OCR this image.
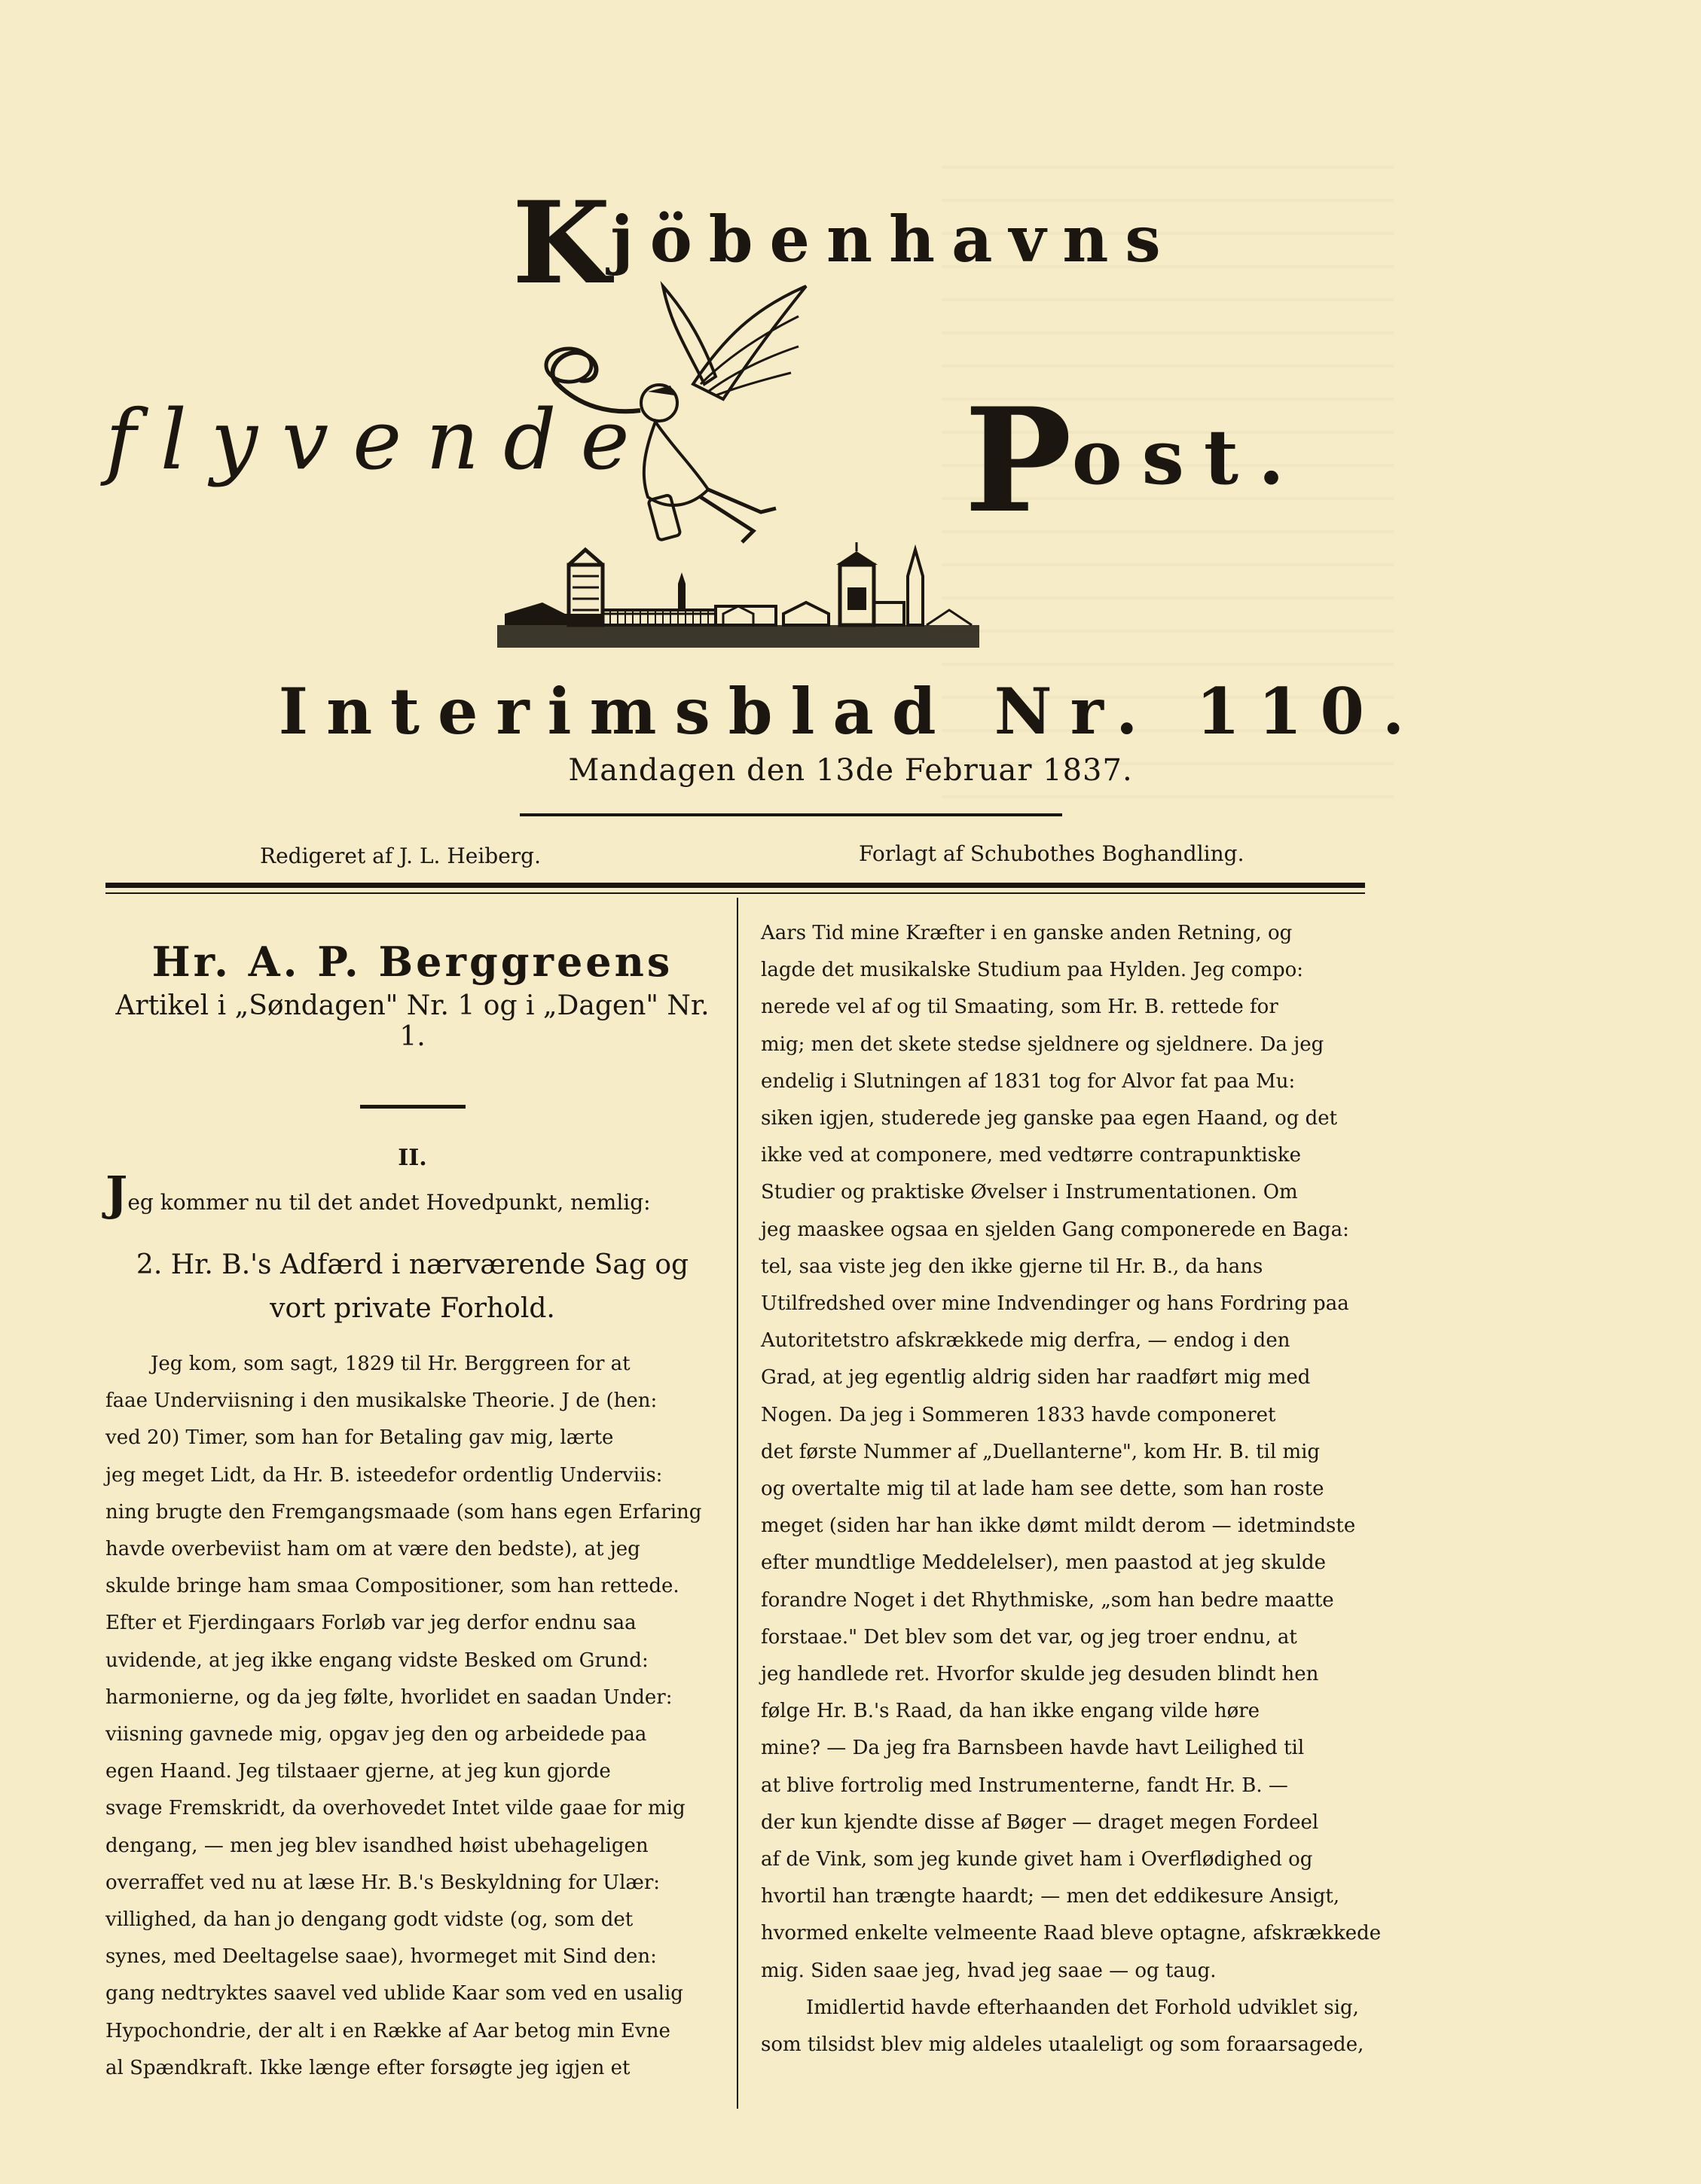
Kjöbenhavns
flyvende Post.
Interimsblad Nr. 110.
Mandagen den 13de Februar 1837.
Redigeret af J. L. Heiberg.	Forlagt af Schubothes Boghandling.
Hr. A. P. Berggreens

Artikel i „Søndagen" Nr. 1 og i „Dagen" Nr. 1.

II.

Jeg kommer nu til det andet Hovedpunkt, nemlig:

2. Hr. B.'s Adfærd i nærværende Sag og vort private Forhold.

Jeg kom, som sagt, 1829 til Hr. Berggreen for at
faae Underviisning i den musikalske Theorie. J de (hen:
ved 20) Timer, som han for Betaling gav mig, lærte
jeg meget Lidt, da Hr. B. isteedefor ordentlig Underviis:
ning brugte den Fremgangsmaade (som hans egen Erfaring
havde overbeviist ham om at være den bedste), at jeg
skulde bringe ham smaa Compositioner, som han rettede.
Efter et Fjerdingaars Forløb var jeg derfor endnu saa
uvidende, at jeg ikke engang vidste Besked om Grund:
harmonierne, og da jeg følte, hvorlidet en saadan Under:
viisning gavnede mig, opgav jeg den og arbeidede paa
egen Haand. Jeg tilstaaer gjerne, at jeg kun gjorde
svage Fremskridt, da overhovedet Intet vilde gaae for mig
dengang, — men jeg blev isandhed høist ubehageligen
overraffet ved nu at læse Hr. B.'s Beskyldning for Ulær:
villighed, da han jo dengang godt vidste (og, som det
synes, med Deeltagelse saae), hvormeget mit Sind den:
gang nedtryktes saavel ved ublide Kaar som ved en usalig
Hypochondrie, der alt i en Række af Aar betog min Evne
al Spændkraft. Ikke længe efter forsøgte jeg igjen et
Aars Tid mine Kræfter i en ganske anden Retning, og
lagde det musikalske Studium paa Hylden. Jeg compo:
nerede vel af og til Smaating, som Hr. B. rettede for
mig; men det skete stedse sjeldnere og sjeldnere. Da jeg
endelig i Slutningen af 1831 tog for Alvor fat paa Mu:
siken igjen, studerede jeg ganske paa egen Haand, og det
ikke ved at componere, med vedtørre contrapunktiske
Studier og praktiske Øvelser i Instrumentationen. Om
jeg maaskee ogsaa en sjelden Gang componerede en Baga:
tel, saa viste jeg den ikke gjerne til Hr. B., da hans
Utilfredshed over mine Indvendinger og hans Fordring paa
Autoritetstro afskrækkede mig derfra, — endog i den
Grad, at jeg egentlig aldrig siden har raadført mig med
Nogen. Da jeg i Sommeren 1833 havde componeret
det første Nummer af „Duellanterne", kom Hr. B. til mig
og overtalte mig til at lade ham see dette, som han roste
meget (siden har han ikke dømt mildt derom — idetmindste
efter mundtlige Meddelelser), men paastod at jeg skulde
forandre Noget i det Rhythmiske, „som han bedre maatte
forstaae." Det blev som det var, og jeg troer endnu, at
jeg handlede ret. Hvorfor skulde jeg desuden blindt hen
følge Hr. B.'s Raad, da han ikke engang vilde høre
mine? — Da jeg fra Barnsbeen havde havt Leilighed til
at blive fortrolig med Instrumenterne, fandt Hr. B. —
der kun kjendte disse af Bøger — draget megen Fordeel
af de Vink, som jeg kunde givet ham i Overflødighed og
hvortil han trængte haardt; — men det eddikesure Ansigt,
hvormed enkelte velmeente Raad bleve optagne, afskrækkede
mig. Siden saae jeg, hvad jeg saae — og taug.
Imidlertid havde efterhaanden det Forhold udviklet sig,
som tilsidst blev mig aldeles utaaleligt og som foraarsagede,
